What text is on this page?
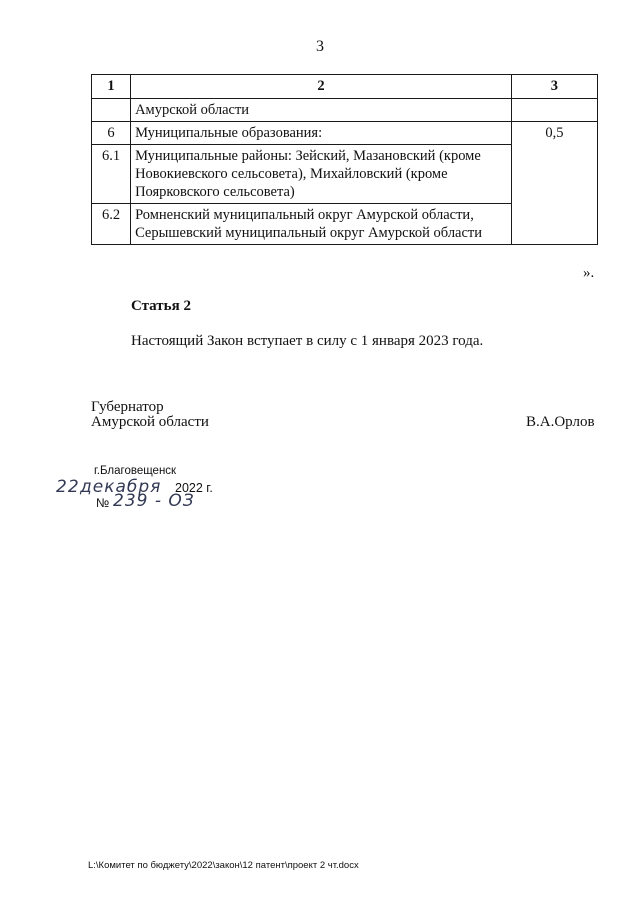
3
1	2	3
	Амурской области	
6	Муниципальные образования:	0,5
6.1	Муниципальные районы: Зейский, Мазановский (кроме
Новокиевского сельсовета), Михайловский (кроме
Поярковского сельсовета)	

6.2	Ромненский муниципальный округ Амурской области,
Серышевский муниципальный округ Амурской области	

».
Статья 2
Настоящий Закон вступает в силу с 1 января 2023 года.
Губернатор
Амурской области	В.А.Орлов
г.Благовещенск
22 декабря 2022 г.
№ 239 - ОЗ
L:\Комитет по бюджету\2022\закон\12 патент\проект 2 чт.docx
